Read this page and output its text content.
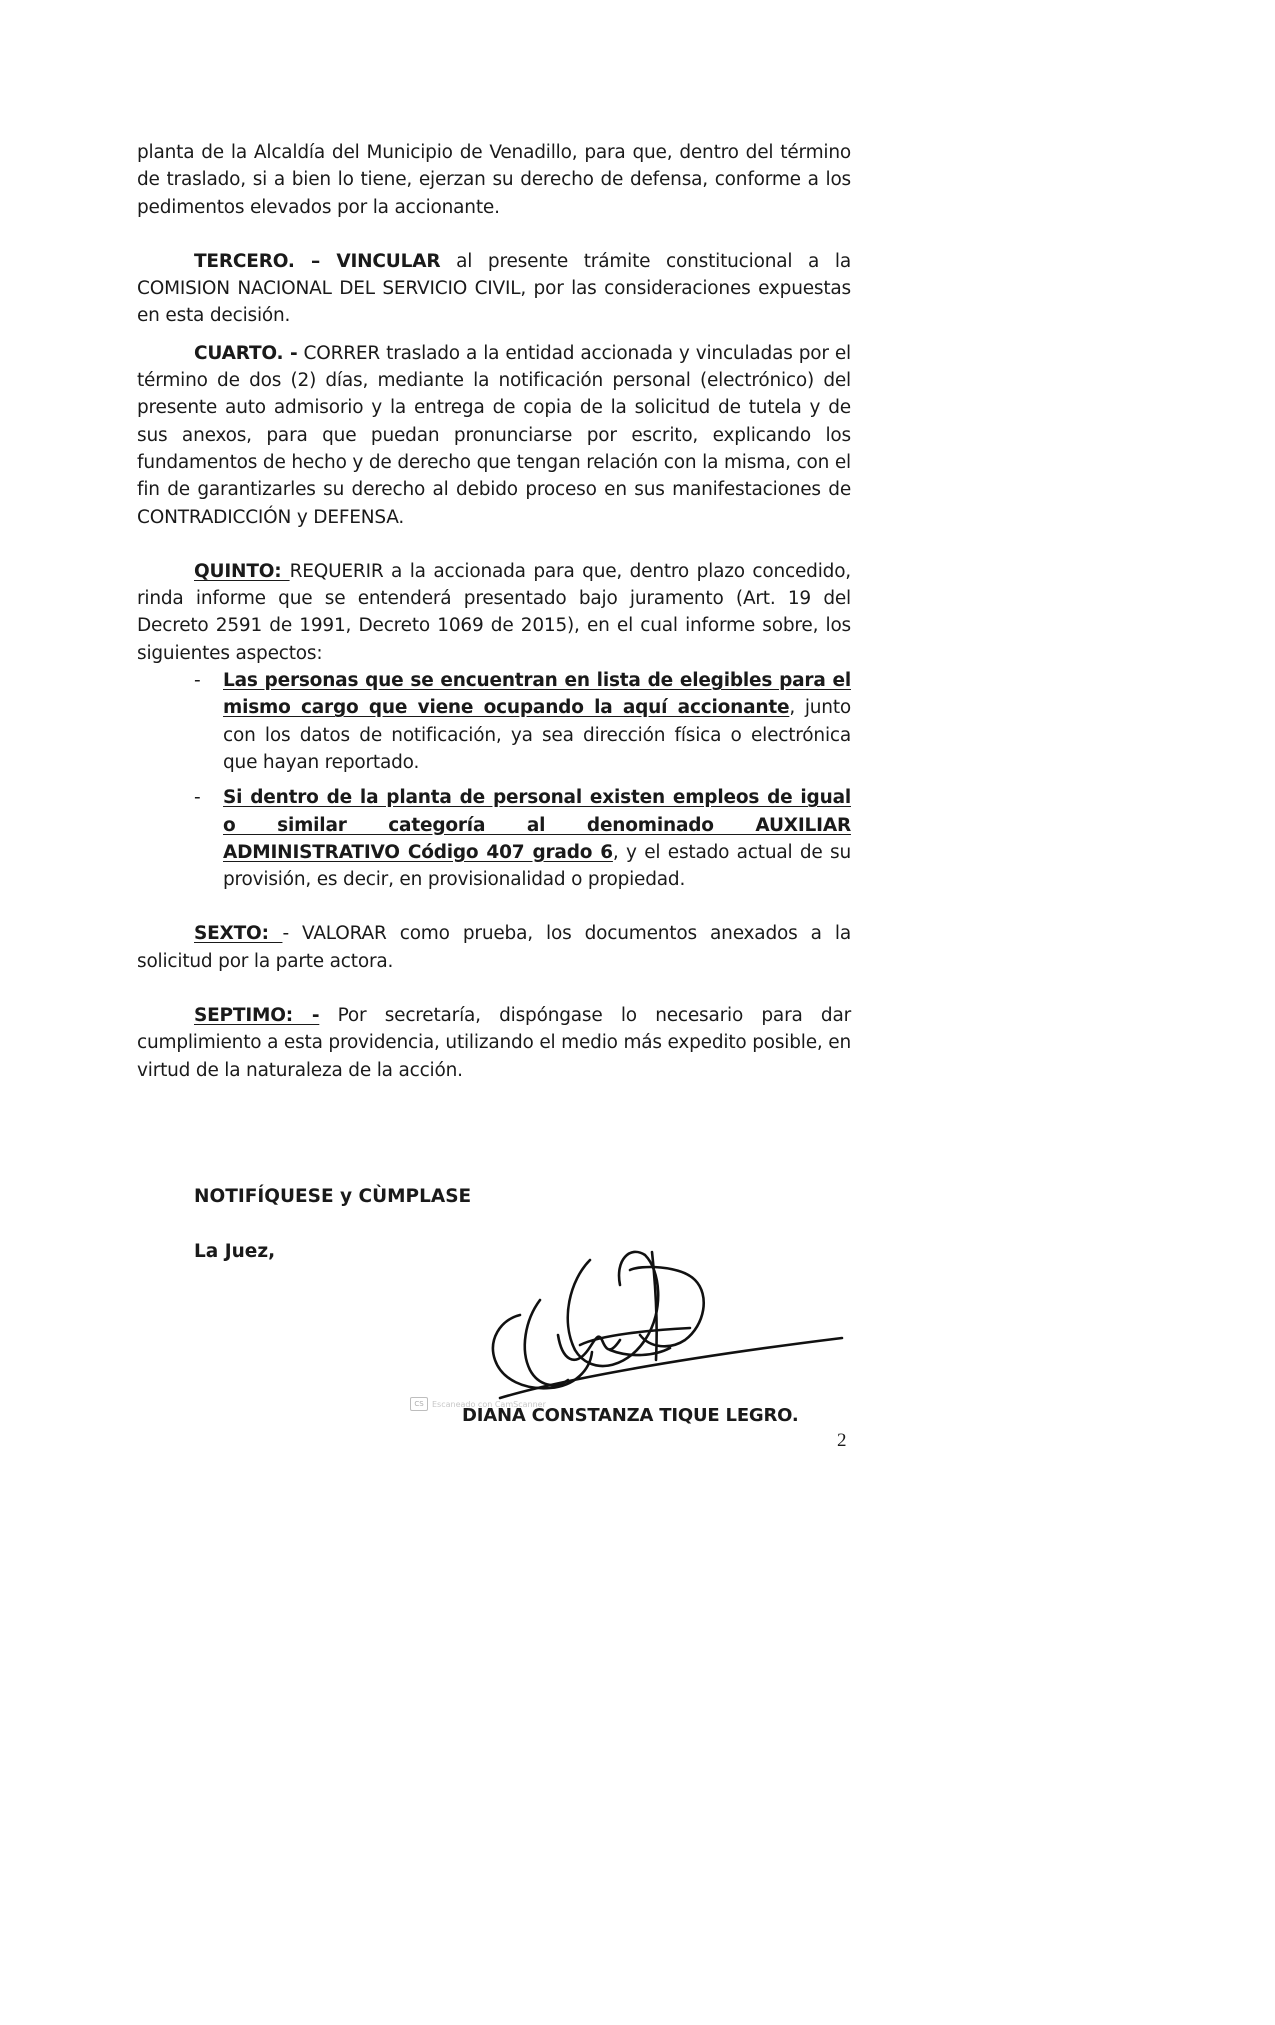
planta de la Alcaldía del Municipio de Venadillo, para que, dentro del término de traslado, si a bien lo tiene, ejerzan su derecho de defensa, conforme a los pedimentos elevados por la accionante.

TERCERO. – VINCULAR al presente trámite constitucional a la COMISION NACIONAL DEL SERVICIO CIVIL, por las consideraciones expuestas en esta decisión.

CUARTO. - CORRER traslado a la entidad accionada y vinculadas por el término de dos (2) días, mediante la notificación personal (electrónico) del presente auto admisorio y la entrega de copia de la solicitud de tutela y de sus anexos, para que puedan pronunciarse por escrito, explicando los fundamentos de hecho y de derecho que tengan relación con la misma, con el fin de garantizarles su derecho al debido proceso en sus manifestaciones de CONTRADICCIÓN y DEFENSA.

QUINTO: REQUERIR a la accionada para que, dentro plazo concedido, rinda informe que se entenderá presentado bajo juramento (Art. 19 del Decreto 2591 de 1991, Decreto 1069 de 2015), en el cual informe sobre, los siguientes aspectos:

- Las personas que se encuentran en lista de elegibles para el mismo cargo que viene ocupando la aquí accionante, junto con los datos de notificación, ya sea dirección física o electrónica que hayan reportado.
- Si dentro de la planta de personal existen empleos de igual o similar categoría al denominado AUXILIAR ADMINISTRATIVO Código 407 grado 6, y el estado actual de su provisión, es decir, en provisionalidad o propiedad.

SEXTO: - VALORAR como prueba, los documentos anexados a la solicitud por la parte actora.

SEPTIMO: - Por secretaría, dispóngase lo necesario para dar cumplimiento a esta providencia, utilizando el medio más expedito posible, en virtud de la naturaleza de la acción.

NOTIFÍQUESE y CÙMPLASE
La Juez,
CS	Escaneado con CamScanner
DIANA CONSTANZA TIQUE LEGRO.
2
